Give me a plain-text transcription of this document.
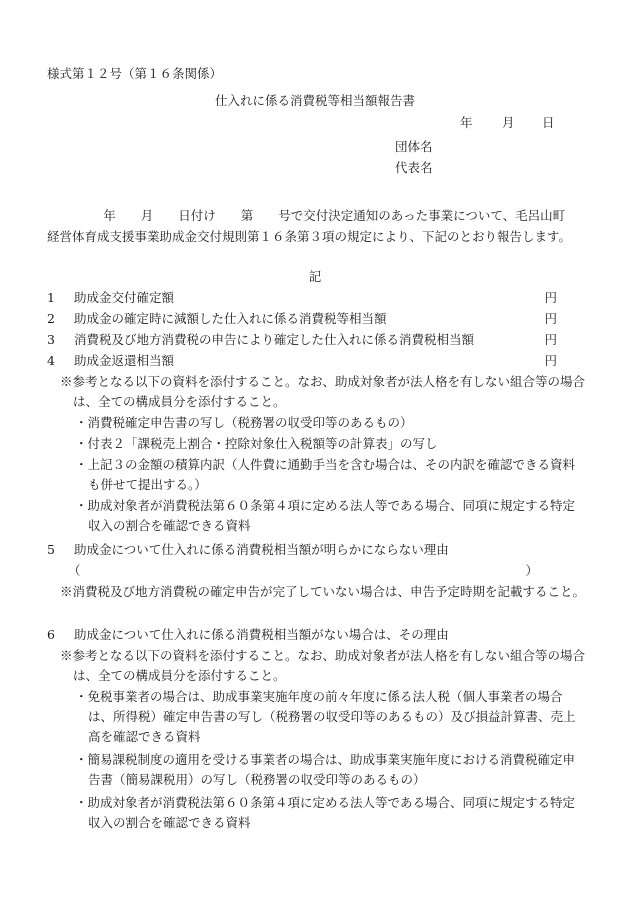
様式第１２号（第１６条関係）
仕入れに係る消費税等相当額報告書
年 月 日
団体名
代表名
年　　月　　日付け　　第　　号で交付決定通知のあった事業について、毛呂山町経営体育成支援事業助成金交付規則第１６条第３項の規定により、下記のとおり報告します。
記
1 助成金交付確定額	円
2 助成金の確定時に減額した仕入れに係る消費税等相当額	円
3 消費税及び地方消費税の申告により確定した仕入れに係る消費税相当額	円
4 助成金返還相当額	円
※参考となる以下の資料を添付すること。なお、助成対象者が法人格を有しない組合等の場合は、全ての構成員分を添付すること。
・消費税確定申告書の写し（税務署の収受印等のあるもの）
・付表２「課税売上割合・控除対象仕入税額等の計算表」の写し
・上記３の金額の積算内訳（人件費に通勤手当を含む場合は、その内訳を確認できる資料も併せて提出する。）
・助成対象者が消費税法第６０条第４項に定める法人等である場合、同項に規定する特定収入の割合を確認できる資料
5 助成金について仕入れに係る消費税相当額が明らかにならない理由
（	）
※消費税及び地方消費税の確定申告が完了していない場合は、申告予定時期を記載すること。
6 助成金について仕入れに係る消費税相当額がない場合は、その理由
※参考となる以下の資料を添付すること。なお、助成対象者が法人格を有しない組合等の場合は、全ての構成員分を添付すること。
・免税事業者の場合は、助成事業実施年度の前々年度に係る法人税（個人事業者の場合は、所得税）確定申告書の写し（税務署の収受印等のあるもの）及び損益計算書、売上高を確認できる資料
・簡易課税制度の適用を受ける事業者の場合は、助成事業実施年度における消費税確定申告書（簡易課税用）の写し（税務署の収受印等のあるもの）
・助成対象者が消費税法第６０条第４項に定める法人等である場合、同項に規定する特定収入の割合を確認できる資料
